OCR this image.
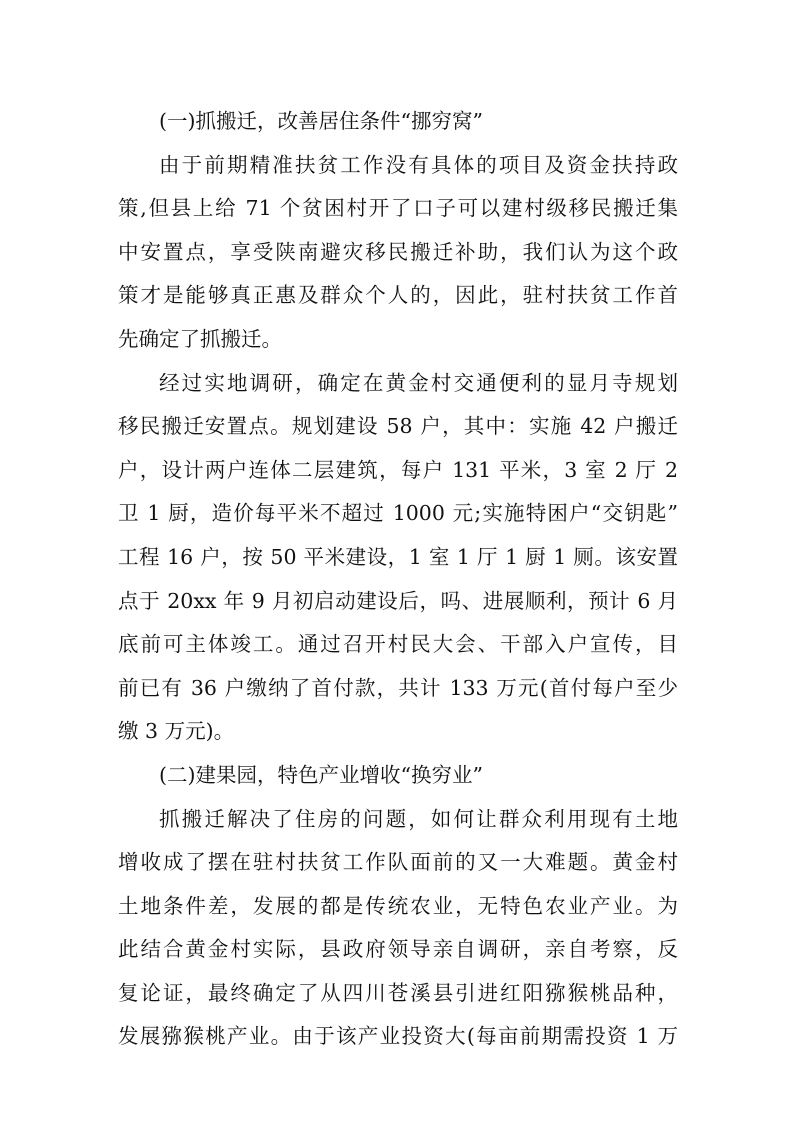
(一)抓搬迁，改善居住条件“挪穷窝”
由于前期精准扶贫工作没有具体的项目及资金扶持政
策,但县上给 71 个贫困村开了口子可以建村级移民搬迁集
中安置点，享受陕南避灾移民搬迁补助，我们认为这个政
策才是能够真正惠及群众个人的，因此，驻村扶贫工作首
先确定了抓搬迁。
经过实地调研，确定在黄金村交通便利的显月寺规划
移民搬迁安置点。规划建设 58 户，其中：实施 42 户搬迁
户，设计两户连体二层建筑，每户 131 平米，3 室 2 厅 2
卫 1 厨，造价每平米不超过 1000 元;实施特困户“交钥匙”
工程 16 户，按 50 平米建设，1 室 1 厅 1 厨 1 厕。该安置
点于 20xx 年 9 月初启动建设后，吗、进展顺利，预计 6 月
底前可主体竣工。通过召开村民大会、干部入户宣传，目
前已有 36 户缴纳了首付款，共计 133 万元(首付每户至少
缴 3 万元)。
(二)建果园，特色产业增收“换穷业”
抓搬迁解决了住房的问题，如何让群众利用现有土地
增收成了摆在驻村扶贫工作队面前的又一大难题。黄金村
土地条件差，发展的都是传统农业，无特色农业产业。为
此结合黄金村实际，县政府领导亲自调研，亲自考察，反
复论证，最终确定了从四川苍溪县引进红阳猕猴桃品种，
发展猕猴桃产业。由于该产业投资大(每亩前期需投资 1 万
